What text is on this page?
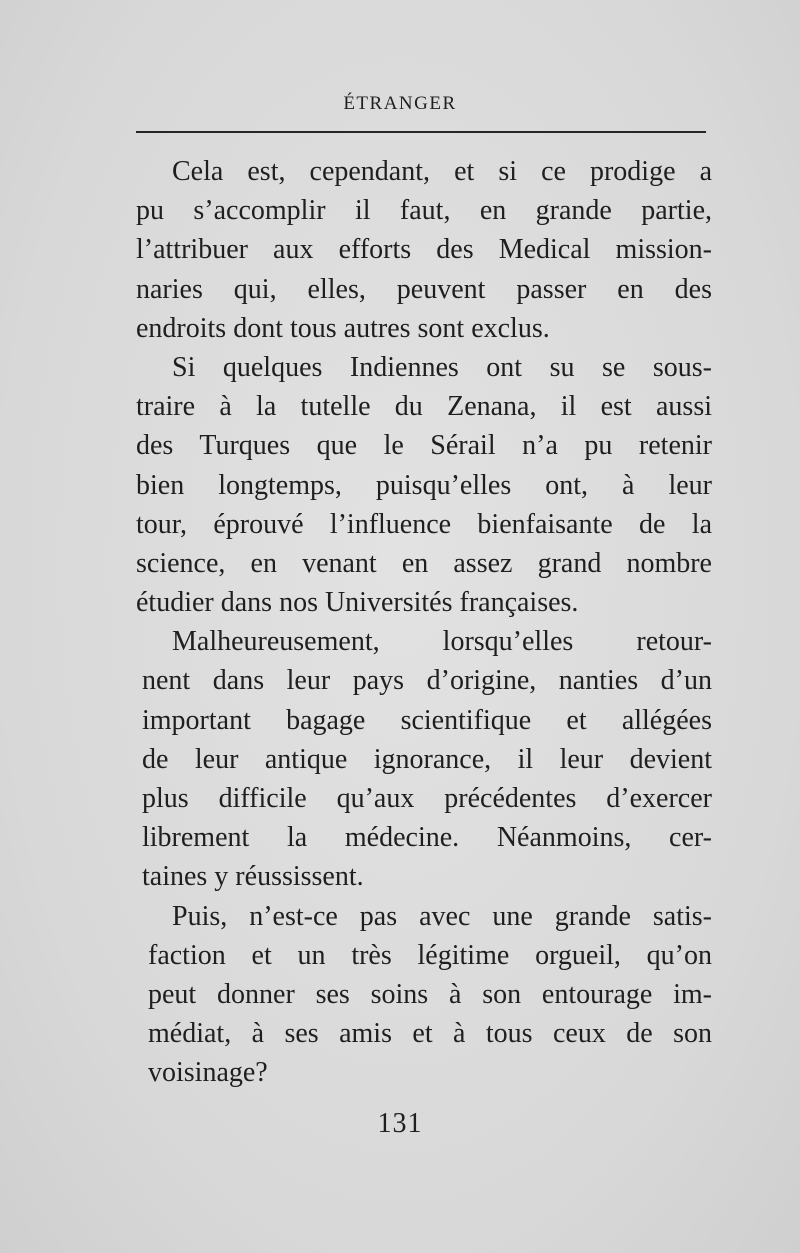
ÉTRANGER
Cela est, cependant, et si ce prodige a
pu s’accomplir il faut, en grande partie,
l’attribuer aux efforts des Medical mission-
naries qui, elles, peuvent passer en des
endroits dont tous autres sont exclus.
Si quelques Indiennes ont su se sous-
traire à la tutelle du Zenana, il est aussi
des Turques que le Sérail n’a pu retenir
bien longtemps, puisqu’elles ont, à leur
tour, éprouvé l’influence bienfaisante de la
science, en venant en assez grand nombre
étudier dans nos Universités françaises.
Malheureusement, lorsqu’elles retour-
nent dans leur pays d’origine, nanties d’un
important bagage scientifique et allégées
de leur antique ignorance, il leur devient
plus difficile qu’aux précédentes d’exercer
librement la médecine. Néanmoins, cer-
taines y réussissent.
Puis, n’est-ce pas avec une grande satis-
faction et un très légitime orgueil, qu’on
peut donner ses soins à son entourage im-
médiat, à ses amis et à tous ceux de son
voisinage?
131
